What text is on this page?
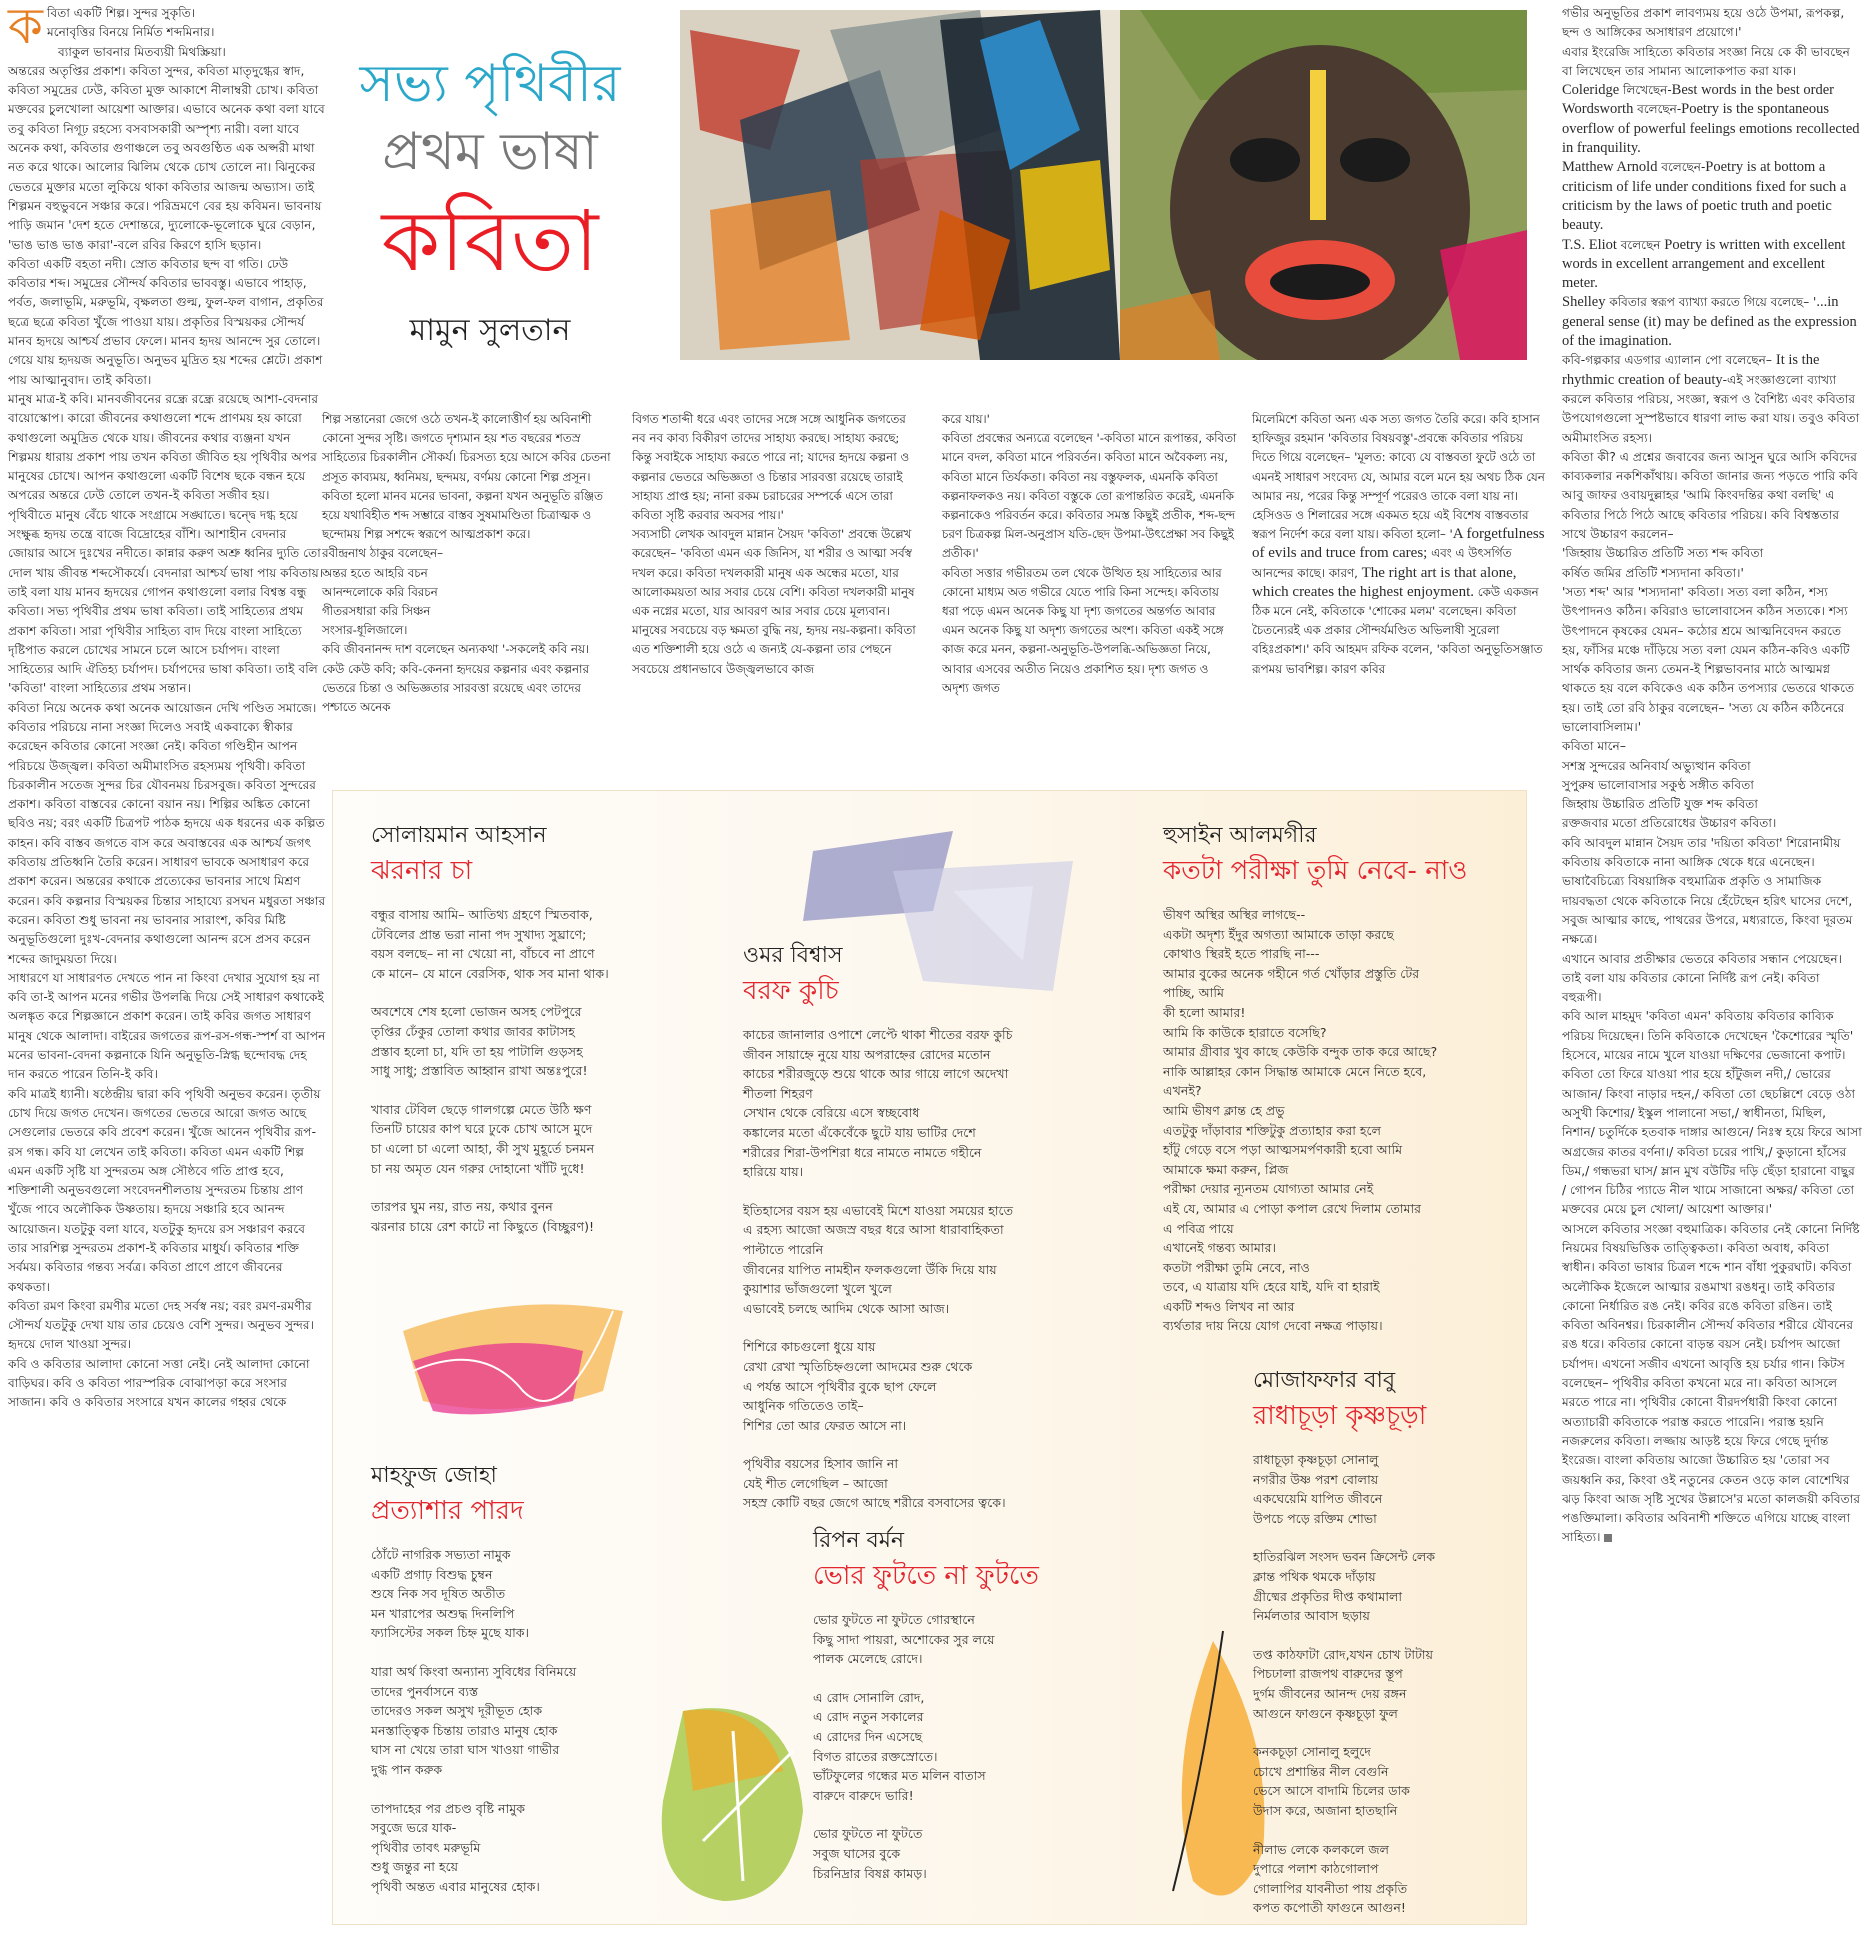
ক বিতা একটি শিল্প। সুন্দর সুকৃতি।

মনোবৃত্তির বিনয়ে নির্মিত শব্দমিনার।

ব্যাকুল ভাবনার মিতব্যয়ী মিথস্ক্রিয়া।

অন্তরের অতৃপ্তির প্রকাশ। কবিতা সুন্দর, কবিতা মাতৃদুগ্ধের স্বাদ, কবিতা সমুদ্রের ঢেউ, কবিতা মুক্ত আকাশে নীলাম্বরী চোখ। কবিতা মক্তবের চুলখোলা আয়েশা আক্তার। এভাবে অনেক কথা বলা যাবে তবু কবিতা নিগূঢ় রহস্যে বসবাসকারী অস্পৃশ্য নারী। বলা যাবে অনেক কথা, কবিতার গুণাঞ্চলে তবু অবগুণ্ঠিত এক অপ্সরী মাথা নত করে থাকে। আলোর ঝিলিম থেকে চোখ তোলে না। ঝিনুকের ভেতরে মুক্তার মতো লুকিয়ে থাকা কবিতার আজন্ম অভ্যাস। তাই শিল্পমন বহুভুবনে সঞ্চার করে। পরিভ্রমণে বের হয় কবিমন। ভাবনায় পাড়ি জমান 'দেশ হতে দেশান্তরে, দ্যুলোকে-ভূলোকে ঘুরে বেড়ান, 'ভাঙ ভাঙ ভাঙ কারা'-বলে রবির কিরণে হাসি ছড়ান।

কবিতা একটি বহতা নদী। স্রোত কবিতার ছন্দ বা গতি। ঢেউ কবিতার শব্দ। সমুদ্রের সৌন্দর্য কবিতার ভাববস্তু। এভাবে পাহাড়, পর্বত, জলাভূমি, মরুভূমি, বৃক্ষলতা গুল্ম, ফুল-ফল বাগান, প্রকৃতির ছত্রে ছত্রে কবিতা খুঁজে পাওয়া যায়। প্রকৃতির বিস্ময়কর সৌন্দর্য মানব হৃদয়ে আশ্চর্য প্রভাব ফেলে। মানব হৃদয় আনন্দে সুর তোলে। গেয়ে যায় হৃদয়জ অনুভূতি। অনুভব মুদ্রিত হয় শব্দের শ্লেটে। প্রকাশ পায় আত্মানুবাদ। তাই কবিতা।

মানুষ মাত্র-ই কবি। মানবজীবনের রন্ধ্রে রন্ধ্রে রয়েছে আশা-বেদনার বায়োস্কোপ। কারো জীবনের কথাগুলো শব্দে প্রাণময় হয় কারো কথাগুলো অমুদ্রিত থেকে যায়। জীবনের কথার ব্যঞ্জনা যখন শিল্পময় ধারায় প্রকাশ পায় তখন কবিতা জীবিত হয় পৃথিবীর অপর মানুষের চোখে। আপন কথাগুলো একটি বিশেষ ছকে বন্ধন হয়ে অপরের অন্তরে ঢেউ তোলে তখন-ই কবিতা সজীব হয়।

পৃথিবীতে মানুষ বেঁচে থাকে সংগ্রামে সঙ্ঘাতে। দ্বন্দ্বে দগ্ধ হয়ে সংক্ষুব্ধ হৃদয় তন্ত্রে বাজে বিদ্রোহের বাঁশি। আশাহীন বেদনার জোয়ার আসে দুঃখের নদীতে। কান্নার করুণ অশ্রু ধ্বনির দ্যুতি তো দোল খায় জীবন্ত শব্দসৌকর্যে। বেদনারা আশ্চর্য ভাষা পায় কবিতায়। তাই বলা যায় মানব হৃদয়ের গোপন কথাগুলো বলার বিশ্বস্ত বন্ধু কবিতা। সভ্য পৃথিবীর প্রথম ভাষা কবিতা। তাই সাহিত্যের প্রথম প্রকাশ কবিতা। সারা পৃথিবীর সাহিত্য বাদ দিয়ে বাংলা সাহিত্যে দৃষ্টিপাত করলে চোখের সামনে চলে আসে চর্যাপদ। বাংলা সাহিত্যের আদি ঐতিহ্য চর্যাপদ। চর্যাপদের ভাষা কবিতা। তাই বলি 'কবিতা' বাংলা সাহিত্যের প্রথম সন্তান।

কবিতা নিয়ে অনেক কথা অনেক আয়োজন দেখি পণ্ডিত সমাজে। কবিতার পরিচয়ে নানা সংজ্ঞা দিলেও সবাই একবাক্যে স্বীকার করেছেন কবিতার কোনো সংজ্ঞা নেই। কবিতা গণ্ডিহীন আপন পরিচয়ে উজ্জ্বল। কবিতা অমীমাংসিত রহস্যময় পৃথিবী। কবিতা চিরকালীন সতেজ সুন্দর চির যৌবনময় চিরসবুজ। কবিতা সুন্দরের প্রকাশ। কবিতা বাস্তবের কোনো বয়ান নয়। শিল্পির অঙ্কিত কোনো ছবিও নয়; বরং একটি চিত্রপট পাঠক হৃদয়ে এক ধরনের এক কল্পিত কাহন। কবি বাস্তব জগতে বাস করে অবাস্তবের এক আশ্চর্য জগৎ কবিতায় প্রতিধ্বনি তৈরি করেন। সাধারণ ভাবকে অসাধারণ করে প্রকাশ করেন। অন্তরের কথাকে প্রত্যেকের ভাবনার সাথে মিশ্রণ করেন। কবি কল্পনার বিস্ময়কর চিন্তার সাহায্যে রসঘন মধুরতা সঞ্চার করেন। কবিতা শুধু ভাবনা নয় ভাবনার সারাংশ, কবির মিষ্টি অনুভূতিগুলো দুঃখ-বেদনার কথাগুলো আনন্দ রসে প্রসব করেন শব্দের জাদুময়তা দিয়ে।

সাধারণে যা সাধারণত দেখতে পান না কিংবা দেখার সুযোগ হয় না কবি তা-ই আপন মনের গভীর উপলব্ধি দিয়ে সেই সাধারণ কথাকেই অলঙ্কৃত করে শিল্পজ্ঞানে প্রকাশ করেন। তাই কবির জগত সাধারণ মানুষ থেকে আলাদা। বাইরের জগতের রূপ-রস-গন্ধ-স্পর্শ বা আপন মনের ভাবনা-বেদনা কল্পনাকে যিনি অনুভূতি-স্নিগ্ধ ছন্দোবদ্ধ দেহ দান করতে পারেন তিনি-ই কবি।

কবি মাত্রই ধ্যানী। ষষ্ঠেন্দ্রীয় দ্বারা কবি পৃথিবী অনুভব করেন। তৃতীয় চোখ দিয়ে জগত দেখেন। জগতের ভেতরে আরো জগত আছে সেগুলোর ভেতরে কবি প্রবেশ করেন। খুঁজে আনেন পৃথিবীর রূপ-রস গন্ধ। কবি যা লেখেন তাই কবিতা। কবিতা এমন একটি শিল্প এমন একটি সৃষ্টি যা সুন্দরতম অঙ্গ সৌষ্ঠবে গতি প্রাপ্ত হবে, শক্তিশালী অনুভবগুলো সংবেদনশীলতায় সুন্দরতম চিন্তায় প্রাণ খুঁজে পাবে অলৌকিক উষ্ণতায়। হৃদয়ে সঞ্চারি হবে আনন্দ আয়োজন। যতটুকু বলা যাবে, যতটুকু হৃদয়ে রস সঞ্চারণ করবে তার সারশিল্প সুন্দরতম প্রকাশ-ই কবিতার মাধুর্য। কবিতার শক্তি সর্বময়। কবিতার গন্তব্য সর্বত্র। কবিতা প্রাণে প্রাণে জীবনের কথকতা।

কবিতা রমণ কিংবা রমণীর মতো দেহ সর্বস্ব নয়; বরং রমণ-রমণীর সৌন্দর্য যতটুকু দেখা যায় তার চেয়েও বেশি সুন্দর। অনুভব সুন্দর। হৃদয়ে দোল খাওয়া সুন্দর।

কবি ও কবিতার আলাদা কোনো সত্তা নেই। নেই আলাদা কোনো বাড়িঘর। কবি ও কবিতা পারস্পরিক বোঝাপড়া করে সংসার সাজান। কবি ও কবিতার সংসারে যখন কালের গহ্বর থেকে

সভ্য পৃথিবীর
প্রথম ভাষা
কবিতা
মামুন সুলতান

গভীর অনুভূতির প্রকাশ লাবণ্যময় হয়ে ওঠে উপমা, রূপকল্প, ছন্দ ও আঙ্গিকের অসাধারণ প্রয়োগে।'

এবার ইংরেজি সাহিত্যে কবিতার সংজ্ঞা নিয়ে কে কী ভাবছেন বা লিখেছেন তার সামান্য আলোকপাত করা যাক।

Coleridge লিখেছেন-Best words in the best order

Wordsworth বলেছেন-Poetry is the spontaneous overflow of powerful feelings emotions recollected in franquility.

Matthew Arnold বলেছেন-Poetry is at bottom a criticism of life under conditions fixed for such a criticism by the laws of poetic truth and poetic beauty.

T.S. Eliot বলেছেন Poetry is written with excellent words in excellent arrangement and excellent meter.

Shelley কবিতার স্বরূপ ব্যাখ্যা করতে গিয়ে বলেছে– '...in general sense (it) may be defined as the expression of the imagination.

কবি-গল্পকার এডগার এ্যালান পো বলেছেন– It is the rhythmic creation of beauty-এই সংজ্ঞাগুলো ব্যাখ্যা করলে কবিতার পরিচয়, সংজ্ঞা, স্বরূপ ও বৈশিষ্ট্য এবং কবিতার উপযোগগুলো সুস্পষ্টভাবে ধারণা লাভ করা যায়। তবুও কবিতা অমীমাংসিত রহস্য।

কবিতা কী? এ প্রশ্নের জবাবের জন্য আসুন ঘুরে আসি কবিদের কাব্যকলার নকশিকাঁথায়। কবিতা জানার জন্য পড়তে পারি কবি আবু জাফর ওবায়দুল্লাহর 'আমি কিংবদন্তির কথা বলছি' এ কবিতার পিঠে পিঠে আছে কবিতার পরিচয়। কবি বিশ্বস্ততার সাথে উচ্চারণ করলেন–

'জিহ্বায় উচ্চারিত প্রতিটি সত্য শব্দ কবিতা

কর্ষিত জমির প্রতিটি শস্যদানা কবিতা।'

'সত্য শব্দ' আর 'শস্যদানা' কবিতা। সত্য বলা কঠিন, শস্য উৎপাদনও কঠিন। কবিরাও ভালোবাসেন কঠিন সত্যকে। শস্য উৎপাদনে কৃষকের যেমন– কঠোর শ্রমে আত্মনিবেদন করতে হয়, ফাঁসির মঞ্চে দাঁড়িয়ে সত্য বলা যেমন কঠিন-কবিও একটি সার্থক কবিতার জন্য তেমন-ই শিল্পভাবনার মাঠে আত্মমগ্ন থাকতে হয় বলে কবিকেও এক কঠিন তপস্যার ভেতরে থাকতে হয়। তাই তো রবি ঠাকুর বলেছেন– 'সত্য যে কঠিন কঠিনেরে ভালোবাসিলাম।'

কবিতা মানে–

সশস্ত্র সুন্দরের অনিবার্য অভ্যুত্থান কবিতা

সুপুরুষ ভালোবাসার সকুণ্ঠ সঙ্গীত কবিতা

জিহ্বায় উচ্চারিত প্রতিটি যুক্ত শব্দ কবিতা

রক্তজবার মতো প্রতিরোধের উচ্চারণ কবিতা।

কবি আবদুল মান্নান সৈয়দ তার 'দয়িতা কবিতা' শিরোনামীয় কবিতায় কবিতাকে নানা আঙ্গিক থেকে ধরে এনেছেন। ভাষাবৈচিত্র্যে বিষয়াঙ্গিক বহুমাত্রিক প্রকৃতি ও সামাজিক দায়বদ্ধতা থেকে কবিতাকে নিয়ে হেঁটেছেন হরিৎ ঘাসের দেশে, সবুজ আত্মার কাছে, পাথরের উপরে, মধ্যরাতে, কিংবা দূরতম নক্ষত্রে।

এখানে আবার প্রতীক্ষার ভেতরে কবিতার সন্ধান পেয়েছেন। তাই বলা যায় কবিতার কোনো নির্দিষ্ট রূপ নেই। কবিতা বহুরূপী।

কবি আল মাহমুদ 'কবিতা এমন' কবিতায় কবিতার কাব্যিক পরিচয় দিয়েছেন। তিনি কবিতাকে দেখেছেন 'কৈশোরের স্মৃতি' হিসেবে, মায়ের নামে খুলে যাওয়া দক্ষিণের ভেজানো কপাট। কবিতা তো ফিরে যাওয়া পার হয়ে হাঁটুজল নদী,/ ভোরের আজান/ কিংবা নাড়ার দহন,/ কবিতা তো ছেচল্লিশে বেড়ে ওঠা অসুখী কিশোর/ ইস্কুল পালানো সভা,/ স্বাধীনতা, মিছিল, নিশান/ চতুর্দিকে হতবাক দাঙ্গার আগুনে/ নিঃস্ব হয়ে ফিরে আসা অগ্রজের কাতর বর্ণনা।/ কবিতা চরের পাখি,/ কুড়ানো হাঁসের ডিম,/ গন্ধভরা ঘাস/ ম্লান মুখ বউটির দড়ি ছেঁড়া হারানো বাছুর / গোপন চিঠির প্যাডে নীল খামে সাজানো অক্ষর/ কবিতা তো মক্তবের মেয়ে চুল খোলা/ আয়েশা আক্তার।'

আসলে কবিতার সংজ্ঞা বহুমাত্রিক। কবিতার নেই কোনো নির্দিষ্ট নিয়মের বিষয়ভিত্তিক তাত্ত্বিকতা। কবিতা অবাধ, কবিতা স্বাধীন। কবিতা ভাষার চিত্রল শব্দে শান বাঁধা পুকুরঘাট। কবিতা অলৌকিক ইজেলে আত্মার রঙমাখা রঙধনু। তাই কবিতার কোনো নির্ধারিত রঙ নেই। কবির রঙে কবিতা রঙিন। তাই কবিতা অবিনশ্বর। চিরকালীন সৌন্দর্য কবিতার শরীরে যৌবনের রঙ ধরে। কবিতার কোনো বাড়ন্ত বয়স নেই। চর্যাপদ আজো চর্যাপদ। এখনো সজীব এখনো আবৃত্তি হয় চর্যার গান। কিটস বলেছেন– পৃথিবীর কবিতা কখনো মরে না। কবিতা আসলে মরতে পারে না। পৃথিবীর কোনো বীরদর্পধারী কিংবা কোনো অত্যাচারী কবিতাকে পরাস্ত করতে পারেনি। পরাস্ত হয়নি নজরুলের কবিতা। লজ্জায় আড়ষ্ট হয়ে ফিরে গেছে দুর্দান্ত ইংরেজ। বাংলা কবিতায় আজো উচ্চারিত হয় 'তোরা সব জয়ধ্বনি কর, কিংবা ওই নতুনের কেতন ওড়ে কাল বোশেখির ঝড় কিংবা আজ সৃষ্টি সুখের উল্লাসে'র মতো কালজয়ী কবিতার পঙক্তিমালা। কবিতার অবিনাশী শক্তিতে এগিয়ে যাচ্ছে বাংলা সাহিত্য।

শিল্প সন্তানেরা জেগে ওঠে তখন-ই কালোত্তীর্ণ হয় অবিনাশী কোনো সুন্দর সৃষ্টি। জগতে দৃশ্যমান হয় শত বছরের শতস্র সাহিত্যের চিরকালীন সৌকর্য। চিরসত্য হয়ে আসে কবির চেতনা প্রসূত কাব্যময়, ধ্বনিময়, ছন্দময়, বর্ণময় কোনো শিল্প প্রসূন। কবিতা হলো মানব মনের ভাবনা, কল্পনা যখন অনুভূতি রঞ্জিত হয়ে যথাবিহীত শব্দ সম্ভারে বাস্তব সুষমামণ্ডিতা চিত্রাত্মক ও ছন্দোময় শিল্প সশব্দে স্বরূপে আত্মপ্রকাশ করে।

রবীন্দ্রনাথ ঠাকুর বলেছেন–

অন্তর হতে আহরি বচন

আনন্দলোকে করি বিরচন

গীতরসধারা করি সিঞ্চন

সংসার-ধূলিজালে।

কবি জীবনানন্দ দাশ বলেছেন অন্যকথা '-সকলেই কবি নয়। কেউ কেউ কবি; কবি-কেননা হৃদয়ের কল্পনার এবং কল্পনার ভেতরে চিন্তা ও অভিজ্ঞতার সারবত্তা রয়েছে এবং তাদের পশ্চাতে অনেক

বিগত শতাব্দী ধরে এবং তাদের সঙ্গে সঙ্গে আধুনিক জগতের নব নব কাব্য বিকীরণ তাদের সাহায্য করছে। সাহায্য করছে; কিন্তু সবাইকে সাহায্য করতে পারে না; যাদের হৃদয়ে কল্পনা ও কল্পনার ভেতরে অভিজ্ঞতা ও চিন্তার সারবত্তা রয়েছে তারাই সাহায্য প্রাপ্ত হয়; নানা রকম চরাচরের সম্পর্কে এসে তারা কবিতা সৃষ্টি করবার অবসর পায়।'

সব্যসাচী লেখক আবদুল মান্নান সৈয়দ 'কবিতা' প্রবন্ধে উল্লেখ করেছেন– 'কবিতা এমন এক জিনিস, যা শরীর ও আত্মা সর্বস্ব দখল করে। কবিতা দখলকারী মানুষ এক অন্ধের মতো, যার আলোকময়তা আর সবার চেয়ে বেশি। কবিতা দখলকারী মানুষ এক নগ্নের মতো, যার আবরণ আর সবার চেয়ে মূল্যবান। মানুষের সবচেয়ে বড় ক্ষমতা বুদ্ধি নয়, হৃদয় নয়-কল্পনা। কবিতা এত শক্তিশালী হয়ে ওঠে এ জন্যই যে-কল্পনা তার পেছনে সবচেয়ে প্রধানভাবে উজ্জ্বলভাবে কাজ

করে যায়।'

কবিতা প্রবন্ধের অন্যত্রে বলেছেন '-কবিতা মানে রূপান্তর, কবিতা মানে বদল, কবিতা মানে পরিবর্তন। কবিতা মানে অবৈকল্য নয়, কবিতা মানে তির্যকতা। কবিতা নয় বস্তুফলক, এমনকি কবিতা কল্পনাফলকও নয়। কবিতা বস্তুকে তো রূপান্তরিত করেই, এমনকি কল্পনাকেও পরিবর্তন করে। কবিতার সমস্ত কিছুই প্রতীক, শব্দ-ছন্দ চরণ চিত্রকল্প মিল-অনুপ্রাস যতি-ছেদ উপমা-উৎপ্রেক্ষা সব কিছুই প্রতীক।'

কবিতা সত্তার গভীরতম তল থেকে উত্থিত হয় সাহিত্যের আর কোনো মাধ্যম অত গভীরে যেতে পারি কিনা সন্দেহ। কবিতায় ধরা পড়ে এমন অনেক কিছু যা দৃশ্য জগতের অন্তর্গত আবার এমন অনেক কিছু যা অদৃশ্য জগতের অংশ। কবিতা একই সঙ্গে কাজ করে মনন, কল্পনা-অনুভূতি-উপলব্ধি-অভিজ্ঞতা নিয়ে, আবার এসবের অতীত নিয়েও প্রকাশিত হয়। দৃশ্য জগত ও অদৃশ্য জগত

মিলেমিশে কবিতা অন্য এক সত্য জগত তৈরি করে। কবি হাসান হাফিজুর রহমান 'কবিতার বিষয়বস্তু'-প্রবন্ধে কবিতার পরিচয় দিতে গিয়ে বলেছেন– 'মূলত: কাব্যে যে বাস্তবতা ফুটে ওঠে তা এমনই সাধারণ সংবেদ্য যে, আমার বলে মনে হয় অথচ ঠিক যেন আমার নয়, পরের কিন্তু সম্পূর্ণ পরেরও তাকে বলা যায় না। হেসিওড ও শিলারের সঙ্গে একমত হয়ে এই বিশেষ বাস্তবতার স্বরূপ নির্দেশ করে বলা যায়। কবিতা হলো– 'A forgetfulness of evils and truce from cares; এবং এ উৎসর্গিত আনন্দের কাছে। কারণ, The right art is that alone, which creates the highest enjoyment. কেউ একজন ঠিক মনে নেই, কবিতাকে 'শোকের মলম' বলেছেন। কবিতা চৈতন্যেরই এক প্রকার সৌন্দর্যমণ্ডিত অভিলাষী সুরেলা বহিঃপ্রকাশ।' কবি আহমদ রফিক বলেন, 'কবিতা অনুভূতিসঞ্জাত রূপময় ভাবশিল্প। কারণ কবির

সোলায়মান আহসান
ঝরনার চা
বন্ধুর বাসায় আমি– আতিথ্য গ্রহণে স্মিতবাক,
টেবিলের প্রান্ত ভরা নানা পদ সুখাদ্য সুঘ্রাণে;
বয়স বলছে– না না খেয়ো না, বাঁচবে না প্রাণে
কে মানে– যে মানে বেরসিক, থাক সব মানা থাক।
অবশেষে শেষ হলো ভোজন অসহ পেটপুরে
তৃপ্তির ঢেঁকুর তোলা কথার জাবর কাটাসহ
প্রস্তাব হলো চা, যদি তা হয় পাটালি গুড়সহ
সাধু সাধু; প্রস্তাবিত আহ্বান রাখা অন্তঃপুরে!
খাবার টেবিল ছেড়ে গালগল্পে মেতে উঠি ক্ষণ
তিনটি চায়ের কাপ ঘরে ঢুকে চোখ আসে মুদে
চা এলো চা এলো আহা, কী সুখ মুহূর্তে চনমন
চা নয় অমৃত যেন গরুর দোহানো খাঁটি দুধে!
তারপর ঘুম নয়, রাত নয়, কথার বুনন
ঝরনার চায়ে রেশ কাটে না কিছুতে (বিচ্ছুরণ)!
ওমর বিশ্বাস
বরফ কুচি
কাচের জানালার ওপাশে লেপ্টে থাকা শীতের বরফ কুচি
জীবন সায়াহ্নে নুয়ে যায় অপরাহ্নের রোদের মতোন
কাচের শরীরজুড়ে শুয়ে থাকে আর গায়ে লাগে অদেখা
শীতলা শিহরণ
সেখান থেকে বেরিয়ে এসে স্বচ্ছবোধ
কঙ্কালের মতো এঁকেবেঁকে ছুটে যায় ভাটির দেশে
শরীরের শিরা-উপশিরা ধরে নামতে নামতে গহীনে
হারিয়ে যায়।
ইতিহাসের বয়স হয় এভাবেই মিশে যাওয়া সময়ের হাতে
এ রহস্য আজো অজস্র বছর ধরে আসা ধারাবাহিকতা
পাল্টাতে পারেনি
জীবনের যাপিত নামহীন ফলকগুলো উঁকি দিয়ে যায়
কুয়াশার ভাঁজগুলো খুলে খুলে
এভাবেই চলছে আদিম থেকে আসা আজ।
শিশিরে কাচগুলো ধুয়ে যায়
রেখা রেখা স্মৃতিচিহ্নগুলো আদমের শুরু থেকে
এ পর্যন্ত আসে পৃথিবীর বুকে ছাপ ফেলে
আধুনিক গতিতেও তাই–
শিশির তো আর ফেরত আসে না।
পৃথিবীর বয়সের হিসাব জানি না
যেই শীত লেগেছিল – আজো
সহস্র কোটি বছর জেগে আছে শরীরে বসবাসের ত্বকে।
হুসাইন আলমগীর
কতটা পরীক্ষা তুমি নেবে- নাও
ভীষণ অস্থির অস্থির লাগছে--
একটা অদৃশ্য ইঁদুর অগত্যা আমাকে তাড়া করছে
কোথাও স্থিরই হতে পারছি না---
আমার বুকের অনেক গহীনে গর্ত খোঁড়ার প্রস্তুতি টের
পাচ্ছি, আমি
কী হলো আমার!
আমি কি কাউকে হারাতে বসেছি?
আমার গ্রীবার খুব কাছে কেউকি বন্দুক তাক করে আছে?
নাকি আল্লাহর কোন সিদ্ধান্ত আমাকে মেনে নিতে হবে,
এখনই?
আমি ভীষণ ক্লান্ত হে প্রভু
এতটুকু দাঁড়াবার শক্তিটুকু প্রত্যাহার করা হলে
হাঁটু গেড়ে বসে পড়া আত্মসমর্পণকারী হবো আমি
আমাকে ক্ষমা করুন, প্লিজ
পরীক্ষা দেয়ার ন্যূনতম যোগ্যতা আমার নেই
এই যে, আমার এ পোড়া কপাল রেখে দিলাম তোমার
এ পবিত্র পায়ে
এখানেই গন্তব্য আমার।
কতটা পরীক্ষা তুমি নেবে, নাও
তবে, এ যাত্রায় যদি হেরে যাই, যদি বা হারাই
একটি শব্দও লিখব না আর
ব্যর্থতার দায় নিয়ে যোগ দেবো নক্ষত্র পাড়ায়।
মাহফুজ জোহা
প্রত্যাশার পারদ
ঠোঁটে নাগরিক সভ্যতা নামুক
একটি প্রগাঢ় বিশুদ্ধ চুম্বন
শুষে নিক সব দূষিত অতীত
মন খারাপের অশুদ্ধ দিনলিপি
ফ্যাসিস্টের সকল চিহ্ন মুছে যাক।
যারা অর্থ কিংবা অন্যান্য সুবিধের বিনিময়ে
তাদের পুনর্বাসনে ব্যস্ত
তাদেরও সকল অসুখ দূরীভূত হোক
মনস্তাত্ত্বিক চিন্তায় তারাও মানুষ হোক
ঘাস না খেয়ে তারা ঘাস খাওয়া গাভীর
দুগ্ধ পান করুক
তাপদাহের পর প্রচণ্ড বৃষ্টি নামুক
সবুজে ভরে যাক-
পৃথিবীর তাবৎ মরুভূমি
শুধু জন্তুর না হয়ে
পৃথিবী অন্তত এবার মানুষের হোক।
রিপন বর্মন
ভোর ফুটতে না ফুটতে
ভোর ফুটতে না ফুটতে গোরস্থানে
কিছু সাদা পায়রা, অশোকের সুর লয়ে
পালক মেলেছে রোদে।
এ রোদ সোনালি রোদ,
এ রোদ নতুন সকালের
এ রোদের দিন এসেছে
বিগত রাতের রক্তস্রোতে।
ভাঁটফুলের গন্ধের মত মলিন বাতাস
বারুদে বারুদে ভারি!
ভোর ফুটতে না ফুটতে
সবুজ ঘাসের বুকে
চিরনিদ্রার বিষণ্ণ কামড়।
মোজাফফার বাবু
রাধাচূড়া কৃষ্ণচূড়া
রাধাচূড়া কৃষ্ণচূড়া সোনালু
নগরীর উষ্ণ পরশ বোলায়
একঘেয়েমি যাপিত জীবনে
উপচে পড়ে রক্তিম শোভা
হাতিরঝিল সংসদ ভবন ক্রিসেন্ট লেক
ক্লান্ত পথিক থমকে দাঁড়ায়
গ্রীষ্মের প্রকৃতির দীপ্ত কথামালা
নির্মলতার আবাস ছড়ায়
তপ্ত কাঠফাটা রোদ,যখন চোখ টাটায়
পিচঢালা রাজপথ বারুদের স্তূপ
দুর্গম জীবনের আনন্দ দেয় রঙ্গন
আগুনে ফাগুনে কৃষ্ণচূড়া ফুল
কনকচূড়া সোনালু হলুদে
চোখে প্রশান্তির নীল বেগুনি
ভেসে আসে বাদামি চিলের ডাক
উদাস করে, অজানা হাতছানি
নীলাভ লেকে কলকলে জল
দুপারে পলাশ কাঠগোলাপ
গোলাপির যাবনীতা পায় প্রকৃতি
কপত কপোতী ফাগুনে আগুন!
